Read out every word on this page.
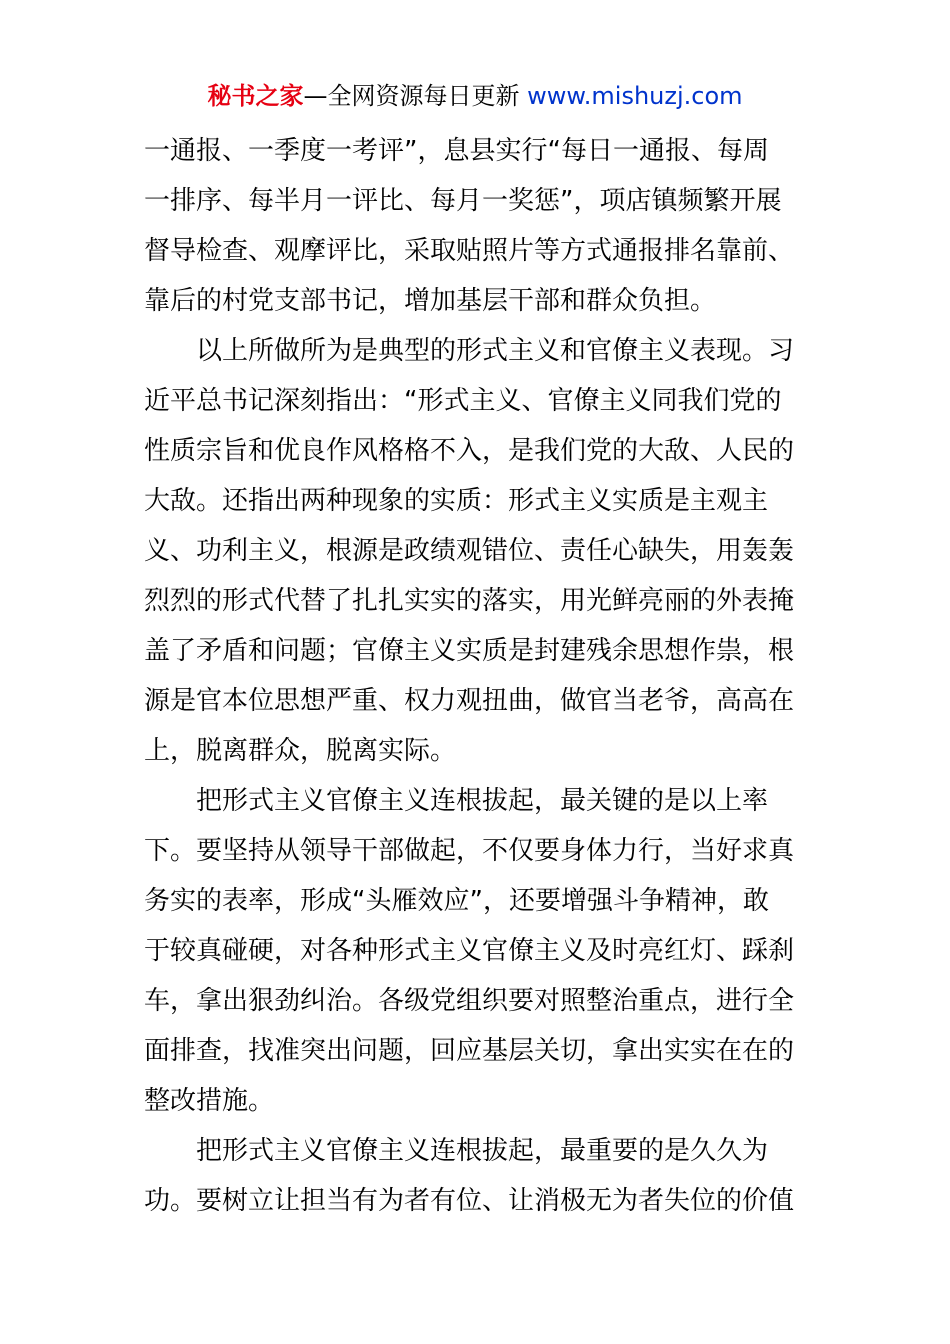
秘书之家—全网资源每日更新 www.mishuzj.com
一通报、一季度一考评”，息县实行“每日一通报、每周
一排序、每半月一评比、每月一奖惩”，项店镇频繁开展
督导检查、观摩评比，采取贴照片等方式通报排名靠前、
靠后的村党支部书记，增加基层干部和群众负担。
以上所做所为是典型的形式主义和官僚主义表现。习
近平总书记深刻指出：“形式主义、官僚主义同我们党的
性质宗旨和优良作风格格不入，是我们党的大敌、人民的
大敌。还指出两种现象的实质：形式主义实质是主观主
义、功利主义，根源是政绩观错位、责任心缺失，用轰轰
烈烈的形式代替了扎扎实实的落实，用光鲜亮丽的外表掩
盖了矛盾和问题；官僚主义实质是封建残余思想作祟，根
源是官本位思想严重、权力观扭曲，做官当老爷，高高在
上，脱离群众，脱离实际。
把形式主义官僚主义连根拔起，最关键的是以上率
下。要坚持从领导干部做起，不仅要身体力行，当好求真
务实的表率，形成“头雁效应”，还要增强斗争精神，敢
于较真碰硬，对各种形式主义官僚主义及时亮红灯、踩刹
车，拿出狠劲纠治。各级党组织要对照整治重点，进行全
面排查，找准突出问题，回应基层关切，拿出实实在在的
整改措施。
把形式主义官僚主义连根拔起，最重要的是久久为
功。要树立让担当有为者有位、让消极无为者失位的价值
